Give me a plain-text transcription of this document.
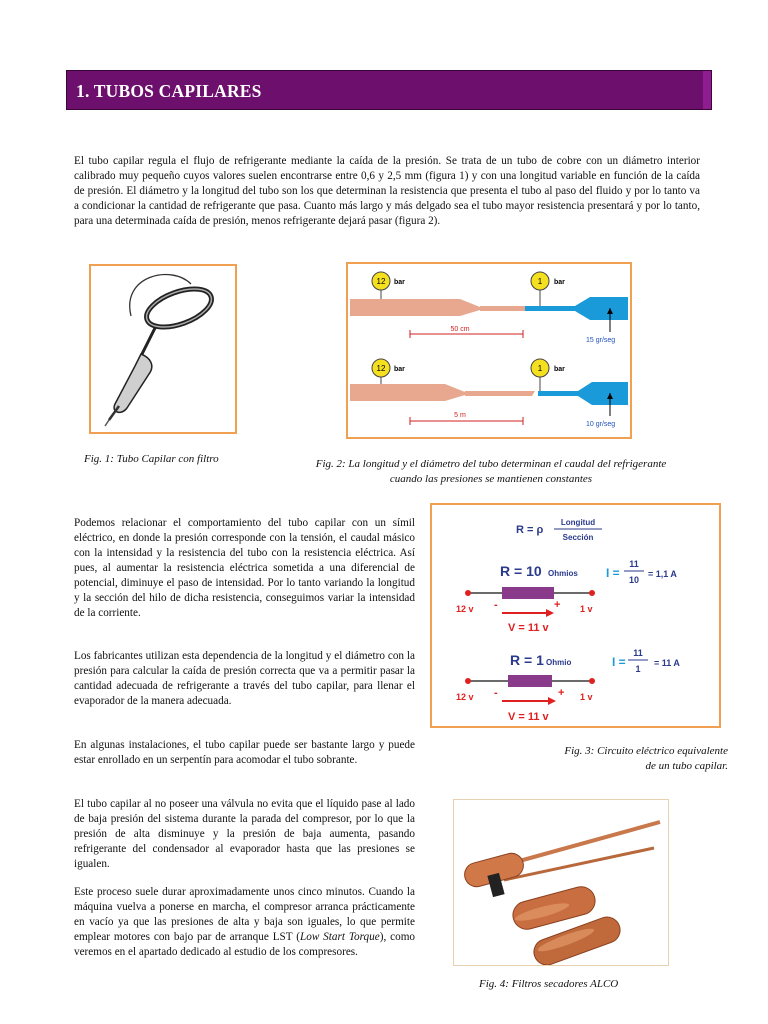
1. TUBOS CAPILARES

El tubo capilar regula el flujo de refrigerante mediante la caída de la presión. Se trata de un tubo de cobre con un diámetro interior calibrado muy pequeño cuyos valores suelen encontrarse entre 0,6 y 2,5 mm (figura 1) y con una longitud variable en función de la caída de presión. El diámetro y la longitud del tubo son los que determinan la resistencia que presenta el tubo al paso del fluido y por lo tanto va a condicionar la cantidad de refrigerante que pasa. Cuanto más largo y más delgado sea el tubo mayor resistencia presentará y por lo tanto, para una determinada caída de presión, menos refrigerante dejará pasar (figura 2).

Fig. 1: Tubo Capilar con filtro

12 bar	1 bar
50 cm
15 gr/seg
12 bar	1 bar
5 m
10 gr/seg

Fig. 2: La longitud y el diámetro del tubo determinan el caudal del refrigerante
cuando las presiones se mantienen constantes

Podemos relacionar el comportamiento del tubo capilar con un símil eléctrico, en donde la presión corresponde con la tensión, el caudal másico con la intensidad y la resistencia del tubo con la resistencia eléctrica. Así pues, al aumentar la resistencia eléctrica sometida a una diferencial de potencial, diminuye el paso de intensidad. Por lo tanto variando la longitud y la sección del hilo de dicha resistencia, conseguimos variar la intensidad de la corriente.

Los fabricantes utilizan esta dependencia de la longitud y el diámetro con la presión para calcular la caída de presión correcta que va a permitir pasar la cantidad adecuada de refrigerante a través del tubo capilar, para llenar el evaporador de la manera adecuada.

En algunas instalaciones, el tubo capilar puede ser bastante largo y puede estar enrollado en un serpentín para acomodar el tubo sobrante.

El tubo capilar al no poseer una válvula no evita que el líquido pase al lado de baja presión del sistema durante la parada del compresor, por lo que la presión de alta disminuye y la presión de baja aumenta, pasando refrigerante del condensador al evaporador hasta que las presiones se igualen.

Este proceso suele durar aproximadamente unos cinco minutos. Cuando la máquina vuelva a ponerse en marcha, el compresor arranca prácticamente en vacío ya que las presiones de alta y baja son iguales, lo que permite emplear motores con bajo par de arranque LST (Low Start Torque), como veremos en el apartado dedicado al estudio de los compresores.

R = ρ
Longitud
Sección
R = 10 Ohmios I =
11
10
= 1,1 A
12 v -	+ 1 v
V = 11 v
R = 1 Ohmio	I =
11
1
= 11 A
12 v -	+ 1 v
V = 11 v

Fig. 3: Circuito eléctrico equivalente
de un tubo capilar.

Fig. 4: Filtros secadores ALCO
